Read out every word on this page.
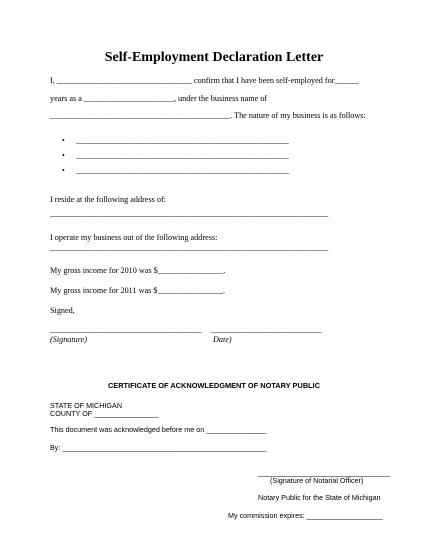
Self-Employment Declaration Letter
I, _________________________________ confirm that I have been self-employed for______
years as a ______________________, under the business name of
____________________________________________. The nature of my business is as follows:
• ____________________________________________________
• ____________________________________________________
• ____________________________________________________
I reside at the following address of:
____________________________________________________________________
I operate my business out of the following address:
____________________________________________________________________
My gross income for 2010 was $________________.
My gross income for 2011 was $________________.
Signed,
_____________________________________ ___________________________
(Signature)	Date)
CERTIFICATE OF ACKNOWLEDGMENT OF NOTARY PUBLIC
STATE OF MICHIGAN
COUNTY OF ________________
This document was acknowledged before me on _______________
By: ___________________________________________________
_________________________________
(Signature of Notarial Officer)
Notary Public for the State of Michigan
My commission expires: ___________________
